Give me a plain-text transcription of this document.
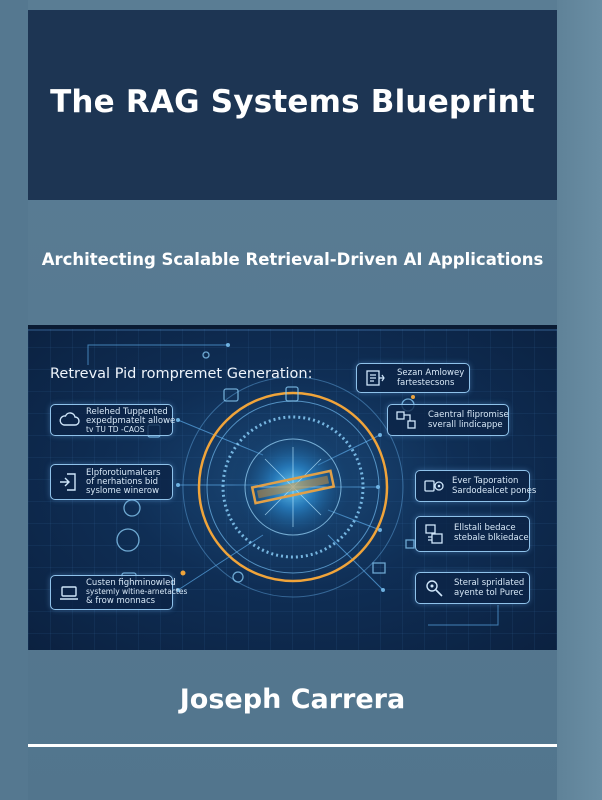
The RAG Systems Blueprint
Architecting Scalable Retrieval-Driven AI Applications
Retreval Pid rompremet Generation:
Relehed Tuppented
expedpmatelt allowe
tv TU TD -CAOS
Elpforotiumalcars
of nerhations bid
syslome winerow
Custen fighminowled
systemly wltine-arnetactes
& frow monnacs
Sezan Amlowey
fartestecsons
Caentral flipromise
sverall lindicappe
Ever Taporation
Sardodealcet pones
Ellstali bedace
stebale blkiedace
Steral spridlated
ayente tol Purec
Joseph Carrera
